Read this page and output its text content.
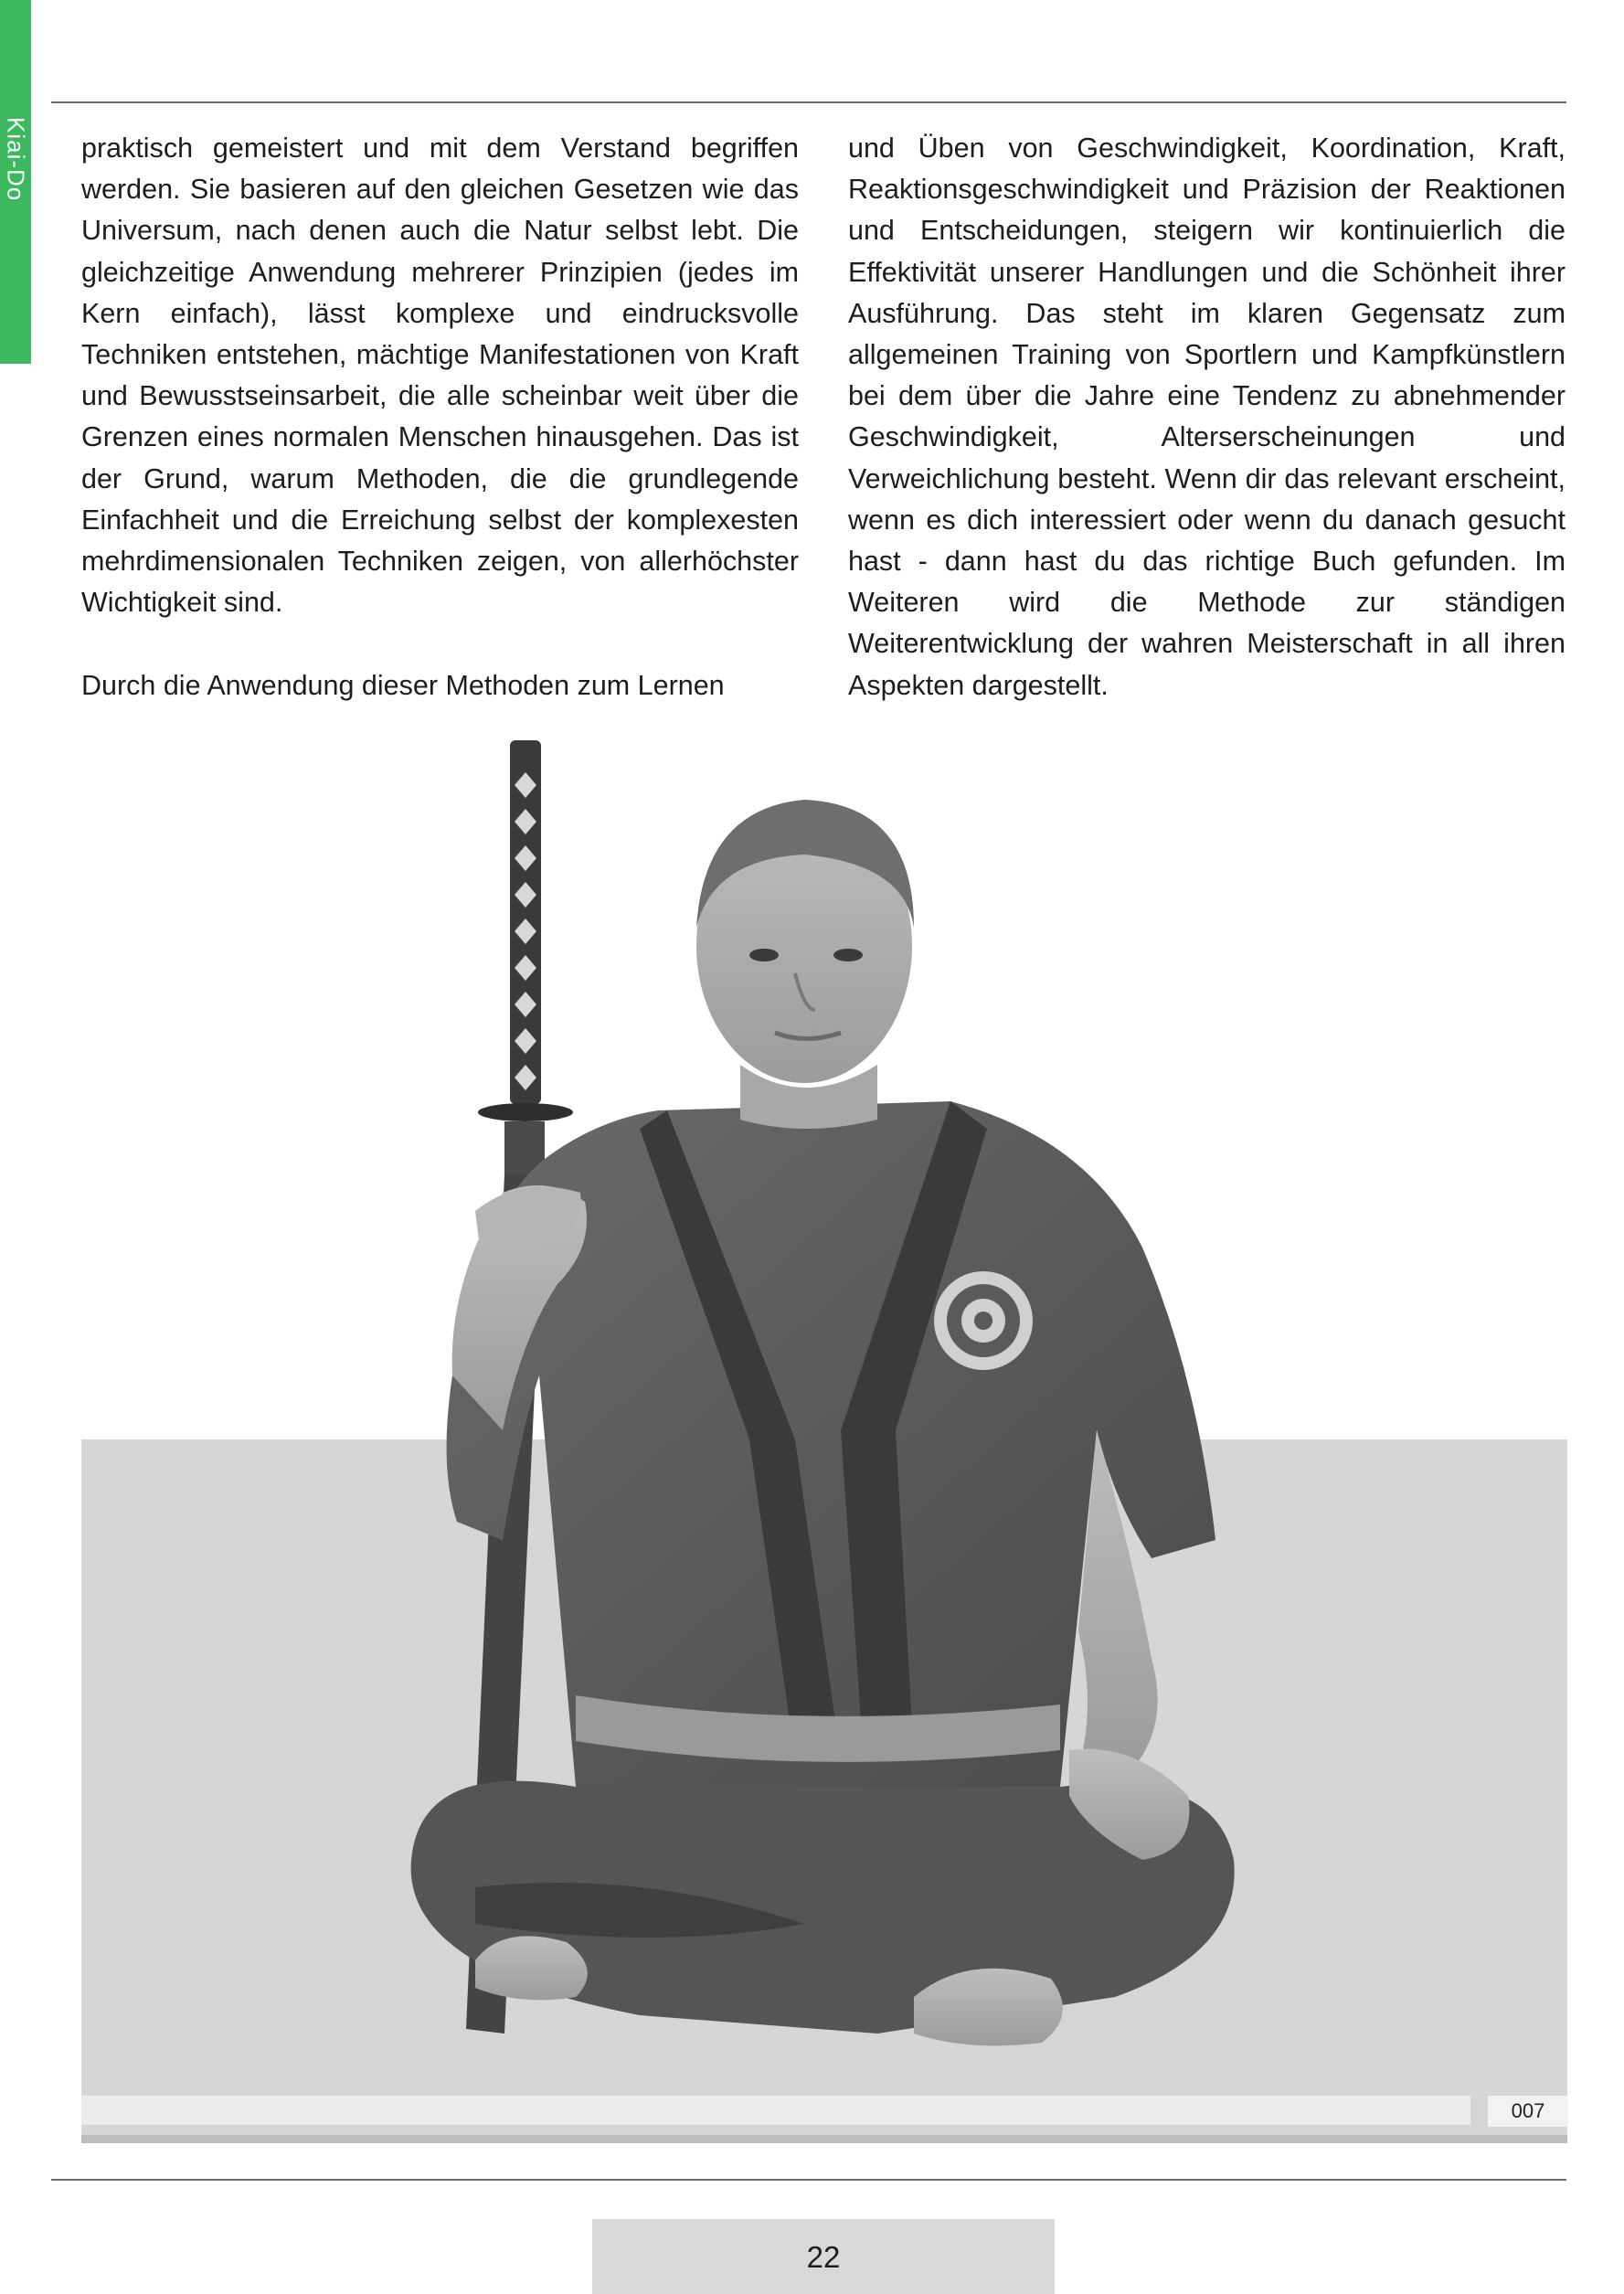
Kiai-Do praktisch gemeistert und mit dem Verstand begriffen werden. Sie basieren auf den gleichen Gesetzen wie das Universum, nach denen auch die Natur selbst lebt. Die gleichzeitige Anwendung mehrerer Prinzipien (jedes im Kern einfach), lässt komplexe und eindrucksvolle Techniken entstehen, mächtige Manifestationen von Kraft und Bewusstseinsarbeit, die alle scheinbar weit über die Grenzen eines normalen Menschen hinausgehen. Das ist der Grund, warum Methoden, die die grundlegende Einfachheit und die Erreichung selbst der komplexesten mehrdimensionalen Techniken zeigen, von allerhöchster Wichtigkeit sind.

Durch die Anwendung dieser Methoden zum Lernen

und Üben von Geschwindigkeit, Koordination, Kraft, Reaktionsgeschwindigkeit und Präzision der Reaktionen und Entscheidungen, steigern wir kontinuierlich die Effektivität unserer Handlungen und die Schönheit ihrer Ausführung. Das steht im klaren Gegensatz zum allgemeinen Training von Sportlern und Kampfkünstlern bei dem über die Jahre eine Tendenz zu abnehmender Geschwindigkeit, Alterserscheinungen und Verweichlichung besteht. Wenn dir das relevant erscheint, wenn es dich interessiert oder wenn du danach gesucht hast - dann hast du das richtige Buch gefunden. Im Weiteren wird die Methode zur ständigen Weiterentwicklung der wahren Meisterschaft in all ihren Aspekten dargestellt.

007
22
